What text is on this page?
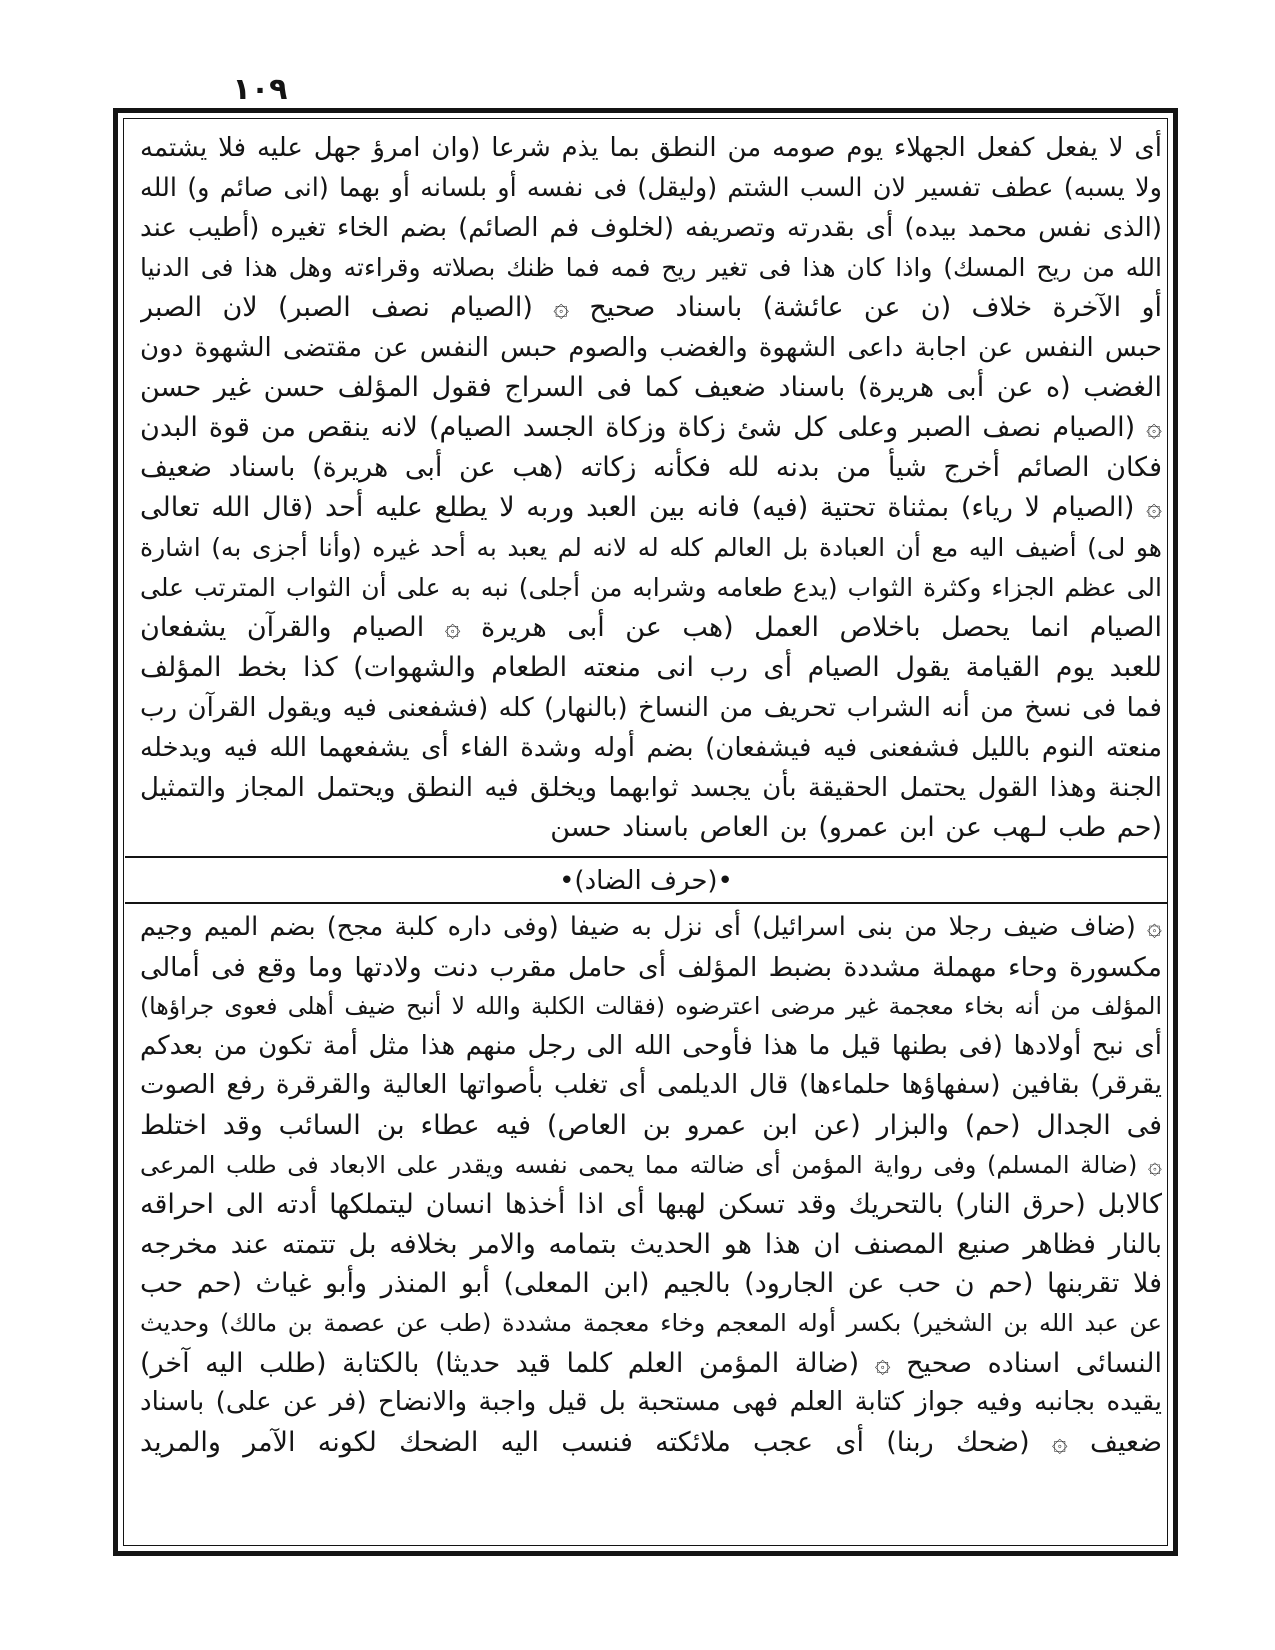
١٠٩
أى لا يفعل كفعل الجهلاء يوم صومه من النطق بما يذم شرعا (وان امرؤ جهل عليه فلا يشتمه
ولا يسبه) عطف تفسير لان السب الشتم (وليقل) فى نفسه أو بلسانه أو بهما (انى صائم و) الله
(الذى نفس محمد بيده) أى بقدرته وتصريفه (لخلوف فم الصائم) بضم الخاء تغيره (أطيب عند
الله من ريح المسك) واذا كان هذا فى تغير ريح فمه فما ظنك بصلاته وقراءته وهل هذا فى الدنيا
أو الآخرة خلاف (ن عن عائشة) باسناد صحيح ۞ (الصيام نصف الصبر) لان الصبر
حبس النفس عن اجابة داعى الشهوة والغضب والصوم حبس النفس عن مقتضى الشهوة دون
الغضب (ه عن أبى هريرة) باسناد ضعيف كما فى السراج فقول المؤلف حسن غير حسن
۞ (الصيام نصف الصبر وعلى كل شئ زكاة وزكاة الجسد الصيام) لانه ينقص من قوة البدن
فكان الصائم أخرج شيأ من بدنه لله فكأنه زكاته (هب عن أبى هريرة) باسناد ضعيف
۞ (الصيام لا رياء) بمثناة تحتية (فيه) فانه بين العبد وربه لا يطلع عليه أحد (قال الله تعالى
هو لى) أضيف اليه مع أن العبادة بل العالم كله له لانه لم يعبد به أحد غيره (وأنا أجزى به) اشارة
الى عظم الجزاء وكثرة الثواب (يدع طعامه وشرابه من أجلى) نبه به على أن الثواب المترتب على
الصيام انما يحصل باخلاص العمل (هب عن أبى هريرة ۞ الصيام والقرآن يشفعان
للعبد يوم القيامة يقول الصيام أى رب انى منعته الطعام والشهوات) كذا بخط المؤلف
فما فى نسخ من أنه الشراب تحريف من النساخ (بالنهار) كله (فشفعنى فيه ويقول القرآن رب
منعته النوم بالليل فشفعنى فيه فيشفعان) بضم أوله وشدة الفاء أى يشفعهما الله فيه ويدخله
الجنة وهذا القول يحتمل الحقيقة بأن يجسد ثوابهما ويخلق فيه النطق ويحتمل المجاز والتمثيل
(حم طب لـهب عن ابن عمرو) بن العاص باسناد حسن
•(حرف الضاد)•
۞ (ضاف ضيف رجلا من بنى اسرائيل) أى نزل به ضيفا (وفى داره كلبة مجح) بضم الميم وجيم
مكسورة وحاء مهملة مشددة بضبط المؤلف أى حامل مقرب دنت ولادتها وما وقع فى أمالى
المؤلف من أنه بخاء معجمة غير مرضى اعترضوه (فقالت الكلبة والله لا أنبح ضيف أهلى فعوى جراؤها)
أى نبح أولادها (فى بطنها قيل ما هذا فأوحى الله الى رجل منهم هذا مثل أمة تكون من بعدكم
يقرقر) بقافين (سفهاؤها حلماءها) قال الديلمى أى تغلب بأصواتها العالية والقرقرة رفع الصوت
فى الجدال (حم) والبزار (عن ابن عمرو بن العاص) فيه عطاء بن السائب وقد اختلط
۞ (ضالة المسلم) وفى رواية المؤمن أى ضالته مما يحمى نفسه ويقدر على الابعاد فى طلب المرعى
كالابل (حرق النار) بالتحريك وقد تسكن لهبها أى اذا أخذها انسان ليتملكها أدته الى احراقه
بالنار فظاهر صنيع المصنف ان هذا هو الحديث بتمامه والامر بخلافه بل تتمته عند مخرجه
فلا تقربنها (حم ن حب عن الجارود) بالجيم (ابن المعلى) أبو المنذر وأبو غياث (حم حب
عن عبد الله بن الشخير) بكسر أوله المعجم وخاء معجمة مشددة (طب عن عصمة بن مالك) وحديث
النسائى اسناده صحيح ۞ (ضالة المؤمن العلم كلما قيد حديثا) بالكتابة (طلب اليه آخر)
يقيده بجانبه وفيه جواز كتابة العلم فهى مستحبة بل قيل واجبة والانضاح (فر عن على) باسناد
ضعيف ۞ (ضحك ربنا) أى عجب ملائكته فنسب اليه الضحك لكونه الآمر والمريد
